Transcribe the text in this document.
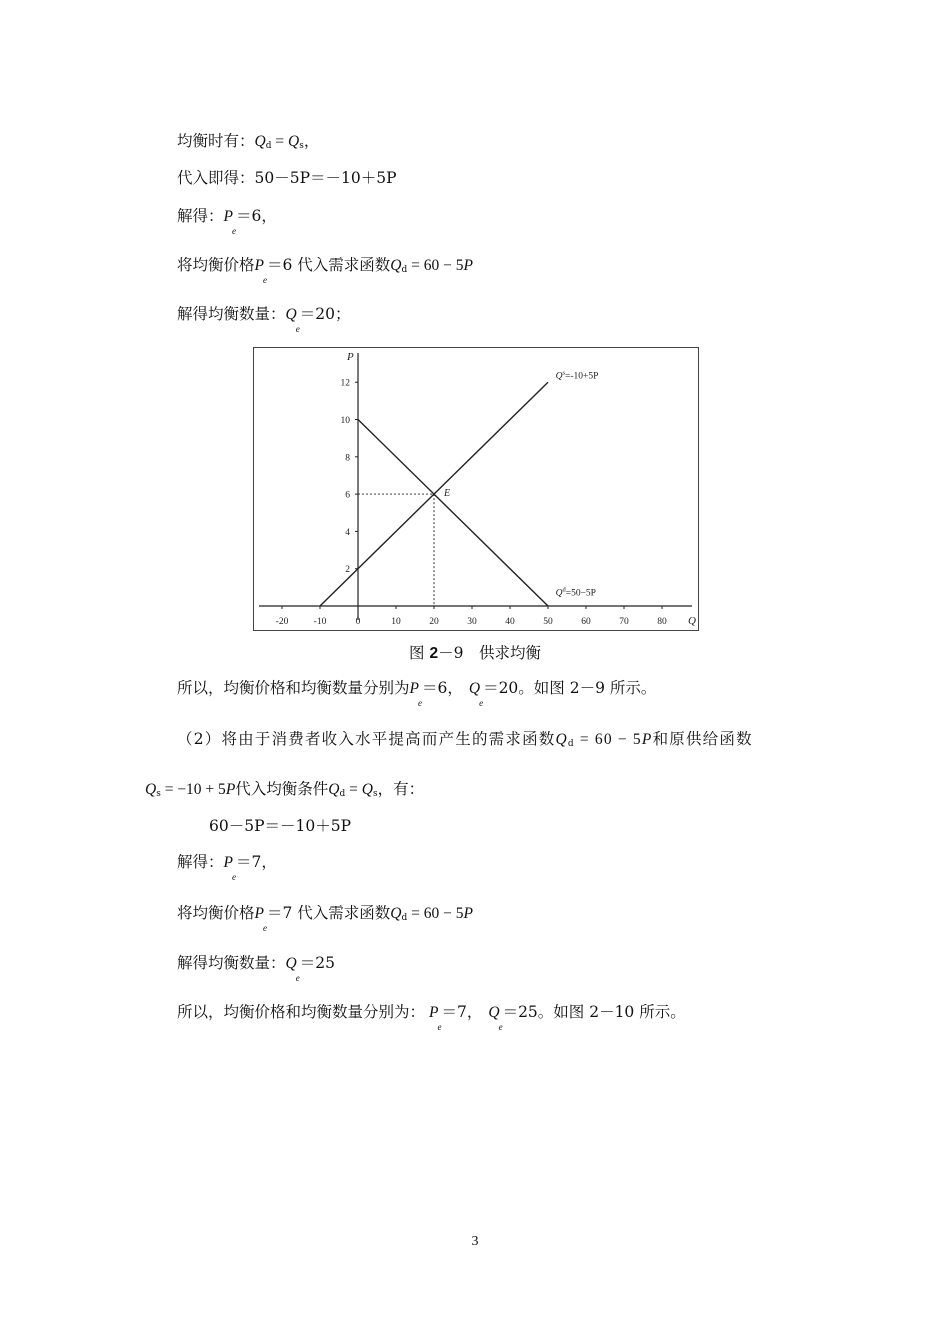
均衡时有：Qd = Qs，
代入即得：50－5P＝－10＋5P
解得：$P_e=6$，
将均衡价格$P_e=6$ 代入需求函数Qd = 60 − 5P
解得均衡数量：$Q_e=20$；
P
Q
-20	-10	0	10	20	30	40	50	60	70	80
2
4
6
8
10
12
$Q^s=-10+5P$
$Q^d=50-5P$
E
图 2－9　供求均衡
所以，均衡价格和均衡数量分别为$P_e=6$， $Q_e=20$。如图 2－9 所示。
（2）将由于消费者收入水平提高而产生的需求函数Qd = 60 − 5P和原供给函数
Qs = −10 + 5P代入均衡条件Qd = Qs，有：
60－5P＝－10＋5P
解得：$P_e=7$，
将均衡价格$P_e=7$ 代入需求函数Qd = 60 − 5P
解得均衡数量：$Q_e=25$
所以，均衡价格和均衡数量分别为： $P_e=7$， $Q_e=25$。如图 2－10 所示。
3
